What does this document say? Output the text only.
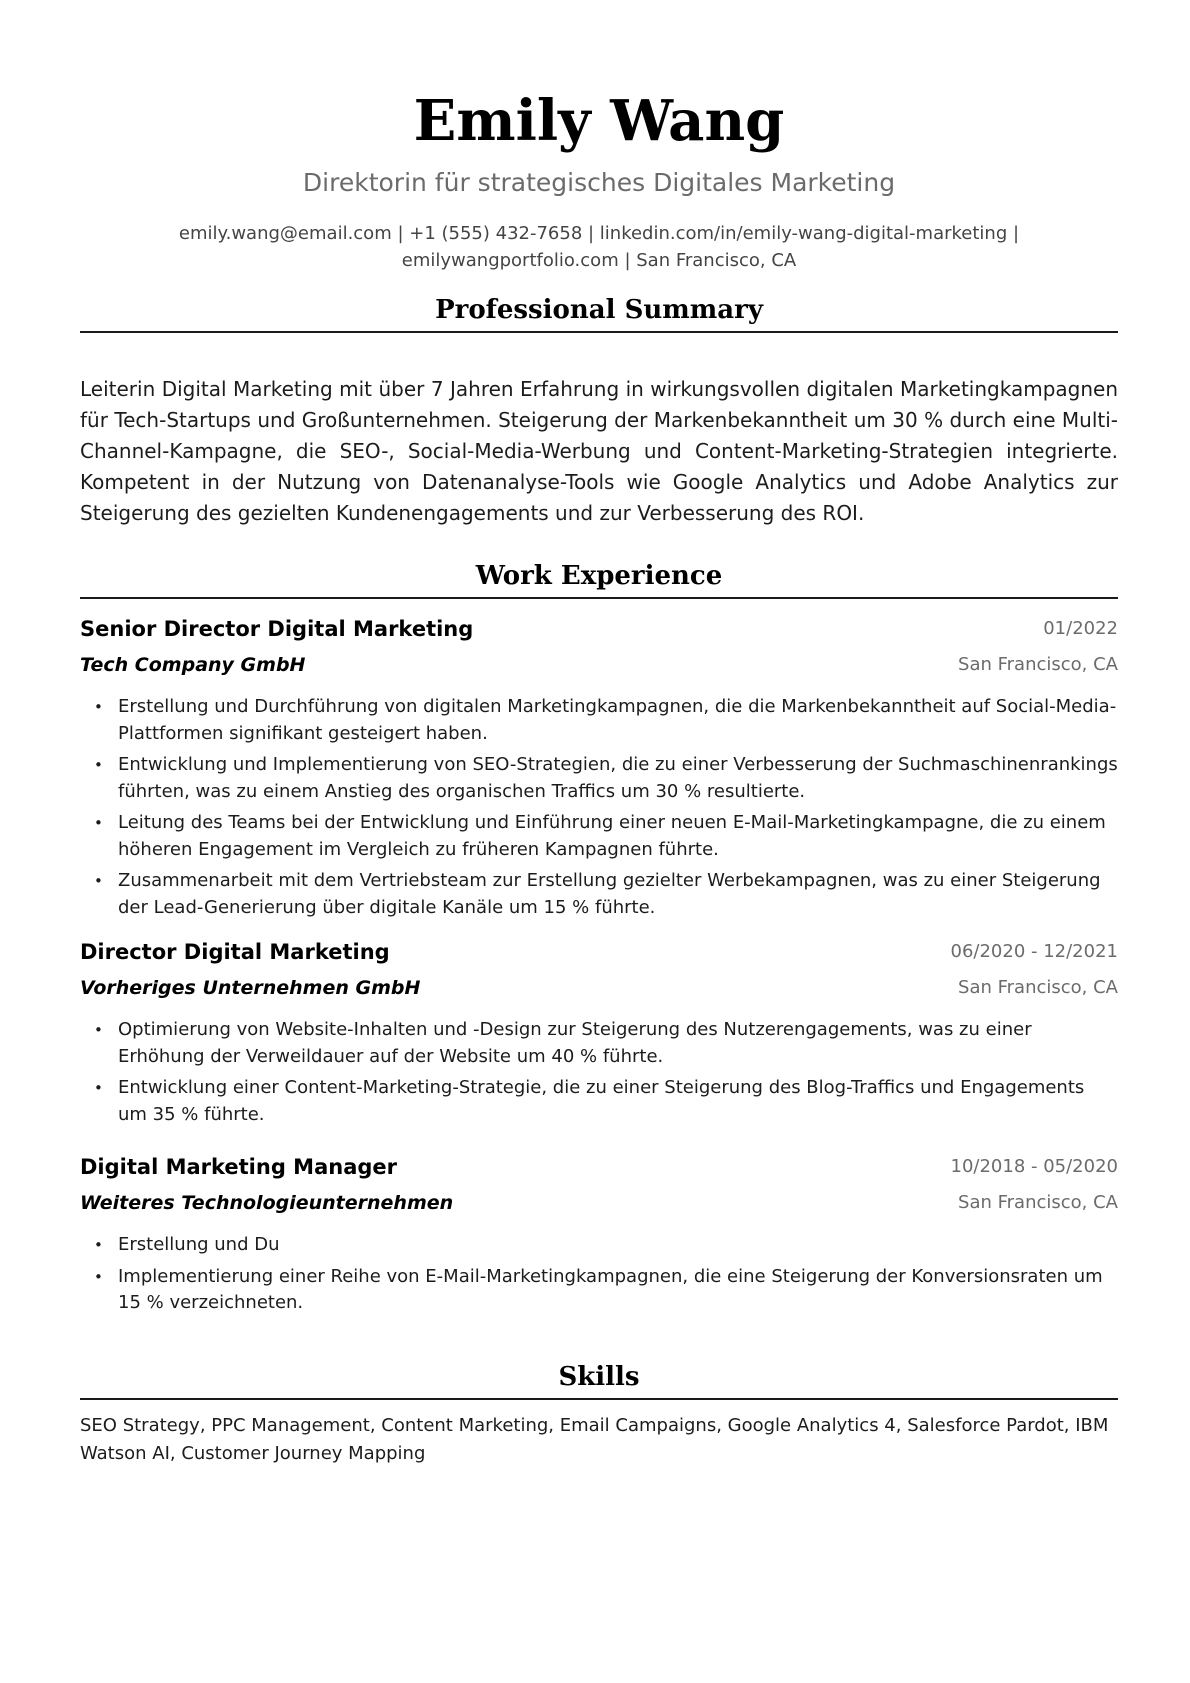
Emily Wang
Direktorin für strategisches Digitales Marketing
emily.wang@email.com | +1 (555) 432-7658 | linkedin.com/in/emily-wang-digital-marketing |
emilywangportfolio.com | San Francisco, CA
Professional Summary
Leiterin Digital Marketing mit über 7 Jahren Erfahrung in wirkungsvollen digitalen Marketingkampagnen für Tech-Startups und Großunternehmen. Steigerung der Markenbekanntheit um 30 % durch eine Multi-Channel-Kampagne, die SEO-, Social-Media-Werbung und Content-Marketing-Strategien integrierte. Kompetent in der Nutzung von Datenanalyse-Tools wie Google Analytics und Adobe Analytics zur Steigerung des gezielten Kundenengagements und zur Verbesserung des ROI.
Work Experience
Senior Director Digital Marketing	01/2022
Tech Company GmbH	San Francisco, CA
• Erstellung und Durchführung von digitalen Marketingkampagnen, die die Markenbekanntheit auf Social-Media-Plattformen signifikant gesteigert haben.
• Entwicklung und Implementierung von SEO-Strategien, die zu einer Verbesserung der Suchmaschinenrankings führten, was zu einem Anstieg des organischen Traffics um 30 % resultierte.
• Leitung des Teams bei der Entwicklung und Einführung einer neuen E-Mail-Marketingkampagne, die zu einem höheren Engagement im Vergleich zu früheren Kampagnen führte.
• Zusammenarbeit mit dem Vertriebsteam zur Erstellung gezielter Werbekampagnen, was zu einer Steigerung der Lead-Generierung über digitale Kanäle um 15 % führte.
Director Digital Marketing	06/2020 - 12/2021
Vorheriges Unternehmen GmbH	San Francisco, CA
• Optimierung von Website-Inhalten und -Design zur Steigerung des Nutzerengagements, was zu einer Erhöhung der Verweildauer auf der Website um 40 % führte.
• Entwicklung einer Content-Marketing-Strategie, die zu einer Steigerung des Blog-Traffics und Engagements um 35 % führte.
Digital Marketing Manager	10/2018 - 05/2020
Weiteres Technologieunternehmen	San Francisco, CA
• Erstellung und Du
• Implementierung einer Reihe von E-Mail-Marketingkampagnen, die eine Steigerung der Konversionsraten um 15 % verzeichneten.
Skills
SEO Strategy, PPC Management, Content Marketing, Email Campaigns, Google Analytics 4, Salesforce Pardot, IBM Watson AI, Customer Journey Mapping
